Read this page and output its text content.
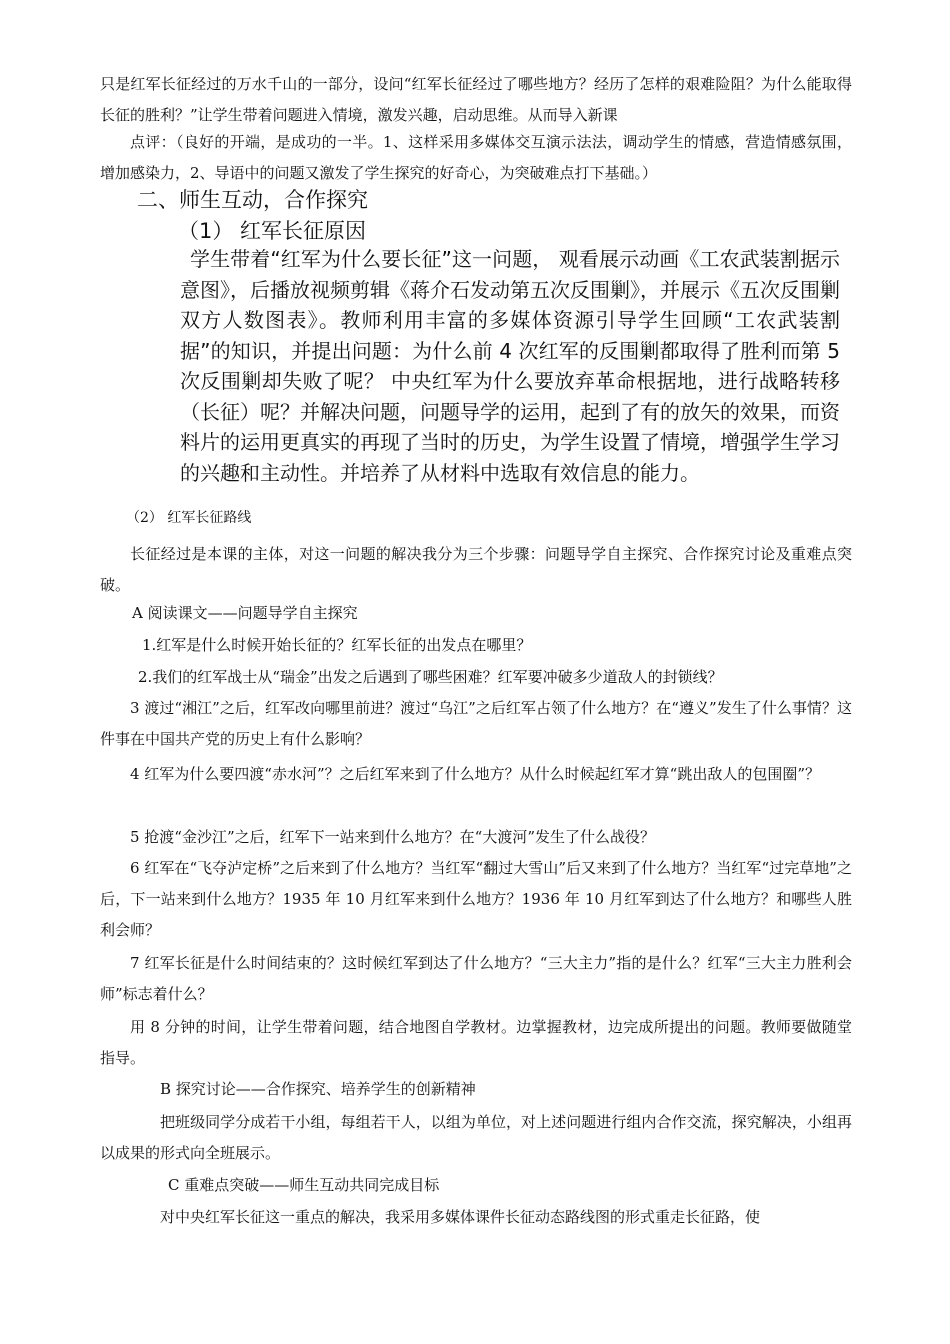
只是红军长征经过的万水千山的一部分，设问“红军长征经过了哪些地方？经历了怎样的艰难险阻？为什么能取得长征的胜利？”让学生带着问题进入情境，激发兴趣，启动思维。从而导入新课

点评：（良好的开端，是成功的一半。1、这样采用多媒体交互演示法法，调动学生的情感，营造情感氛围，增加感染力，2、导语中的问题又激发了学生探究的好奇心，为突破难点打下基础。）

二、师生互动，合作探究
（1） 红军长征原因

学生带着“红军为什么要长征”这一问题， 观看展示动画《工农武装割据示意图》，后播放视频剪辑《蒋介石发动第五次反围剿》，并展示《五次反围剿双方人数图表》。教师利用丰富的多媒体资源引导学生回顾“工农武装割据”的知识，并提出问题：为什么前 4 次红军的反围剿都取得了胜利而第 5 次反围剿却失败了呢？ 中央红军为什么要放弃革命根据地，进行战略转移（长征）呢？并解决问题，问题导学的运用，起到了有的放矢的效果，而资料片的运用更真实的再现了当时的历史，为学生设置了情境，增强学生学习的兴趣和主动性。并培养了从材料中选取有效信息的能力。

（2） 红军长征路线

长征经过是本课的主体，对这一问题的解决我分为三个步骤：问题导学自主探究、合作探究讨论及重难点突破。

A 阅读课文——问题导学自主探究

1.红军是什么时候开始长征的？红军长征的出发点在哪里？

2.我们的红军战士从“瑞金”出发之后遇到了哪些困难？红军要冲破多少道敌人的封锁线？

3 渡过“湘江”之后，红军改向哪里前进？渡过“乌江”之后红军占领了什么地方？在“遵义”发生了什么事情？这件事在中国共产党的历史上有什么影响？

4 红军为什么要四渡“赤水河”？之后红军来到了什么地方？从什么时候起红军才算“跳出敌人的包围圈”？

5 抢渡“金沙江”之后，红军下一站来到什么地方？在“大渡河”发生了什么战役？

6 红军在“飞夺泸定桥”之后来到了什么地方？当红军“翻过大雪山”后又来到了什么地方？当红军“过完草地”之后，下一站来到什么地方？1935 年 10 月红军来到什么地方？1936 年 10 月红军到达了什么地方？和哪些人胜利会师？

7 红军长征是什么时间结束的？这时候红军到达了什么地方？“三大主力”指的是什么？红军“三大主力胜利会师”标志着什么？

用 8 分钟的时间，让学生带着问题，结合地图自学教材。边掌握教材，边完成所提出的问题。教师要做随堂指导。

B 探究讨论——合作探究、培养学生的创新精神

把班级同学分成若干小组，每组若干人，以组为单位，对上述问题进行组内合作交流，探究解决，小组再以成果的形式向全班展示。

C 重难点突破——师生互动共同完成目标

对中央红军长征这一重点的解决，我采用多媒体课件长征动态路线图的形式重走长征路，使
